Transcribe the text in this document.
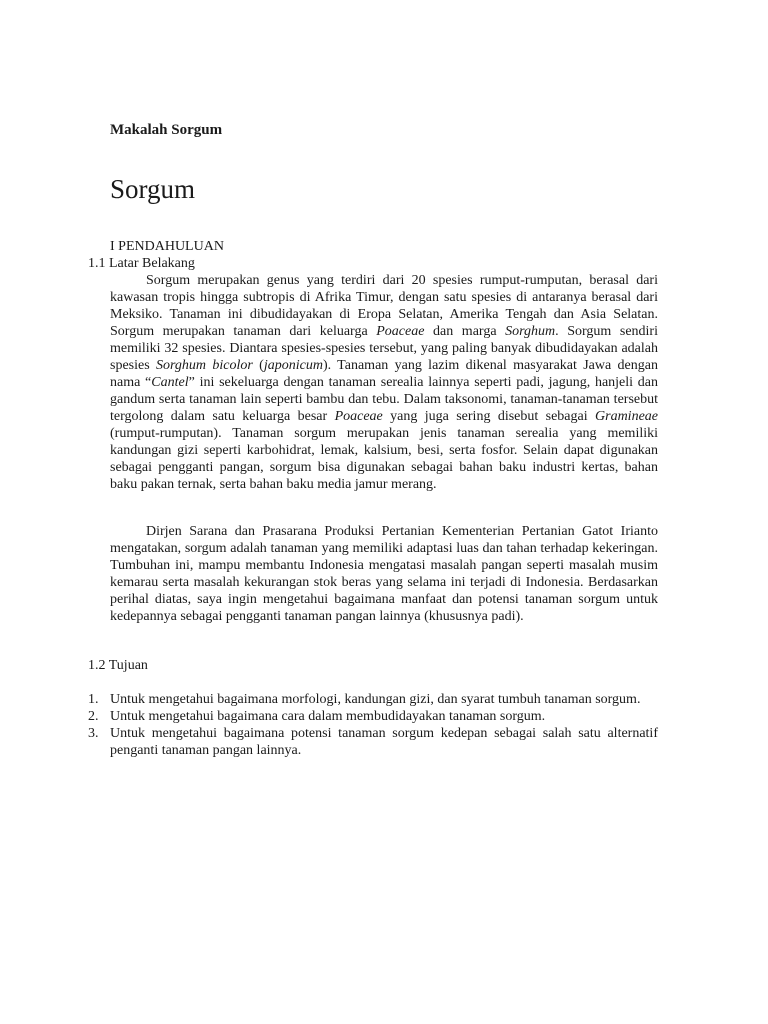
Makalah Sorgum
Sorgum
I PENDAHULUAN
1.1 Latar Belakang

Sorgum merupakan genus yang terdiri dari 20 spesies rumput-rumputan, berasal dari kawasan tropis hingga subtropis di Afrika Timur, dengan satu spesies di antaranya berasal dari Meksiko. Tanaman ini dibudidayakan di Eropa Selatan, Amerika Tengah dan Asia Selatan. Sorgum merupakan tanaman dari keluarga Poaceae dan marga Sorghum. Sorgum sendiri memiliki 32 spesies. Diantara spesies-spesies tersebut, yang paling banyak dibudidayakan adalah spesies Sorghum bicolor (japonicum). Tanaman yang lazim dikenal masyarakat Jawa dengan nama “Cantel” ini sekeluarga dengan tanaman serealia lainnya seperti padi, jagung, hanjeli dan gandum serta tanaman lain seperti bambu dan tebu. Dalam taksonomi, tanaman-tanaman tersebut tergolong dalam satu keluarga besar Poaceae yang juga sering disebut sebagai Gramineae (rumput-rumputan). Tanaman sorgum merupakan jenis tanaman serealia yang memiliki kandungan gizi seperti karbohidrat, lemak, kalsium, besi, serta fosfor. Selain dapat digunakan sebagai pengganti pangan, sorgum bisa digunakan sebagai bahan baku industri kertas, bahan baku pakan ternak, serta bahan baku media jamur merang.

Dirjen Sarana dan Prasarana Produksi Pertanian Kementerian Pertanian Gatot Irianto mengatakan, sorgum adalah tanaman yang memiliki adaptasi luas dan tahan terhadap kekeringan. Tumbuhan ini, mampu membantu Indonesia mengatasi masalah pangan seperti masalah musim kemarau serta masalah kekurangan stok beras yang selama ini terjadi di Indonesia. Berdasarkan perihal diatas, saya ingin mengetahui bagaimana manfaat dan potensi tanaman sorgum untuk kedepannya sebagai pengganti tanaman pangan lainnya (khususnya padi).

1.2 Tujuan
1. Untuk mengetahui bagaimana morfologi, kandungan gizi, dan syarat tumbuh tanaman sorgum.
2. Untuk mengetahui bagaimana cara dalam membudidayakan tanaman sorgum.
3. Untuk mengetahui bagaimana potensi tanaman sorgum kedepan sebagai salah satu alternatif penganti tanaman pangan lainnya.
